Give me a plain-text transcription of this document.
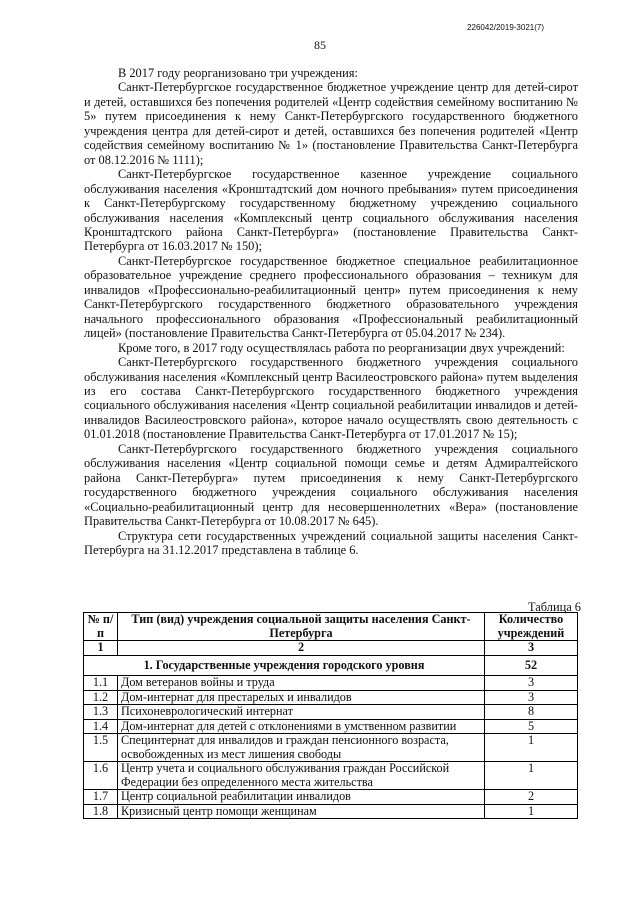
226042/2019-3021(7)
85

В 2017 году реорганизовано три учреждения:

Санкт-Петербургское государственное бюджетное учреждение центр для детей-сирот и детей, оставшихся без попечения родителей «Центр содействия семейному воспитанию № 5» путем присоединения к нему Санкт-Петербургского государственного бюджетного учреждения центра для детей-сирот и детей, оставшихся без попечения родителей «Центр содействия семейному воспитанию № 1» (постановление Правительства Санкт-Петербурга от 08.12.2016 № 1111);

Санкт-Петербургское государственное казенное учреждение социального обслуживания населения «Кронштадтский дом ночного пребывания» путем присоединения к Санкт-Петербургскому государственному бюджетному учреждению социального обслуживания населения «Комплексный центр социального обслуживания населения Кронштадтского района Санкт-Петербурга» (постановление Правительства Санкт-Петербурга от 16.03.2017 № 150);

Санкт-Петербургское государственное бюджетное специальное реабилитационное образовательное учреждение среднего профессионального образования – техникум для инвалидов «Профессионально-реабилитационный центр» путем присоединения к нему Санкт-Петербургского государственного бюджетного образовательного учреждения начального профессионального образования «Профессиональный реабилитационный лицей» (постановление Правительства Санкт-Петербурга от 05.04.2017 № 234).

Кроме того, в 2017 году осуществлялась работа по реорганизации двух учреждений:

Санкт-Петербургского государственного бюджетного учреждения социального обслуживания населения «Комплексный центр Василеостровского района» путем выделения из его состава Санкт-Петербургского государственного бюджетного учреждения социального обслуживания населения «Центр социальной реабилитации инвалидов и детей-инвалидов Василеостровского района», которое начало осуществлять свою деятельность с 01.01.2018 (постановление Правительства Санкт-Петербурга от 17.01.2017 № 15);

Санкт-Петербургского государственного бюджетного учреждения социального обслуживания населения «Центр социальной помощи семье и детям Адмиралтейского района Санкт-Петербурга» путем присоединения к нему Санкт-Петербургского государственного бюджетного учреждения социального обслуживания населения «Социально-реабилитационный центр для несовершеннолетних «Вера» (постановление Правительства Санкт-Петербурга от 10.08.2017 № 645).

Структура сети государственных учреждений социальной защиты населения Санкт-Петербурга на 31.12.2017 представлена в таблице 6.

Таблица 6
№ п/п	Тип (вид) учреждения социальной защиты населения Санкт-Петербурга	Количество учреждений
1	2	3
1. Государственные учреждения городского уровня		52
1.1	Дом ветеранов войны и труда	3
1.2	Дом-интернат для престарелых и инвалидов	3
1.3	Психоневрологический интернат	8
1.4	Дом-интернат для детей с отклонениями в умственном развитии	5
1.5	Специнтернат для инвалидов и граждан пенсионного возраста, освобожденных из мест лишения свободы	1
1.6	Центр учета и социального обслуживания граждан Российской Федерации без определенного места жительства	1
1.7	Центр социальной реабилитации инвалидов	2
1.8	Кризисный центр помощи женщинам	1
